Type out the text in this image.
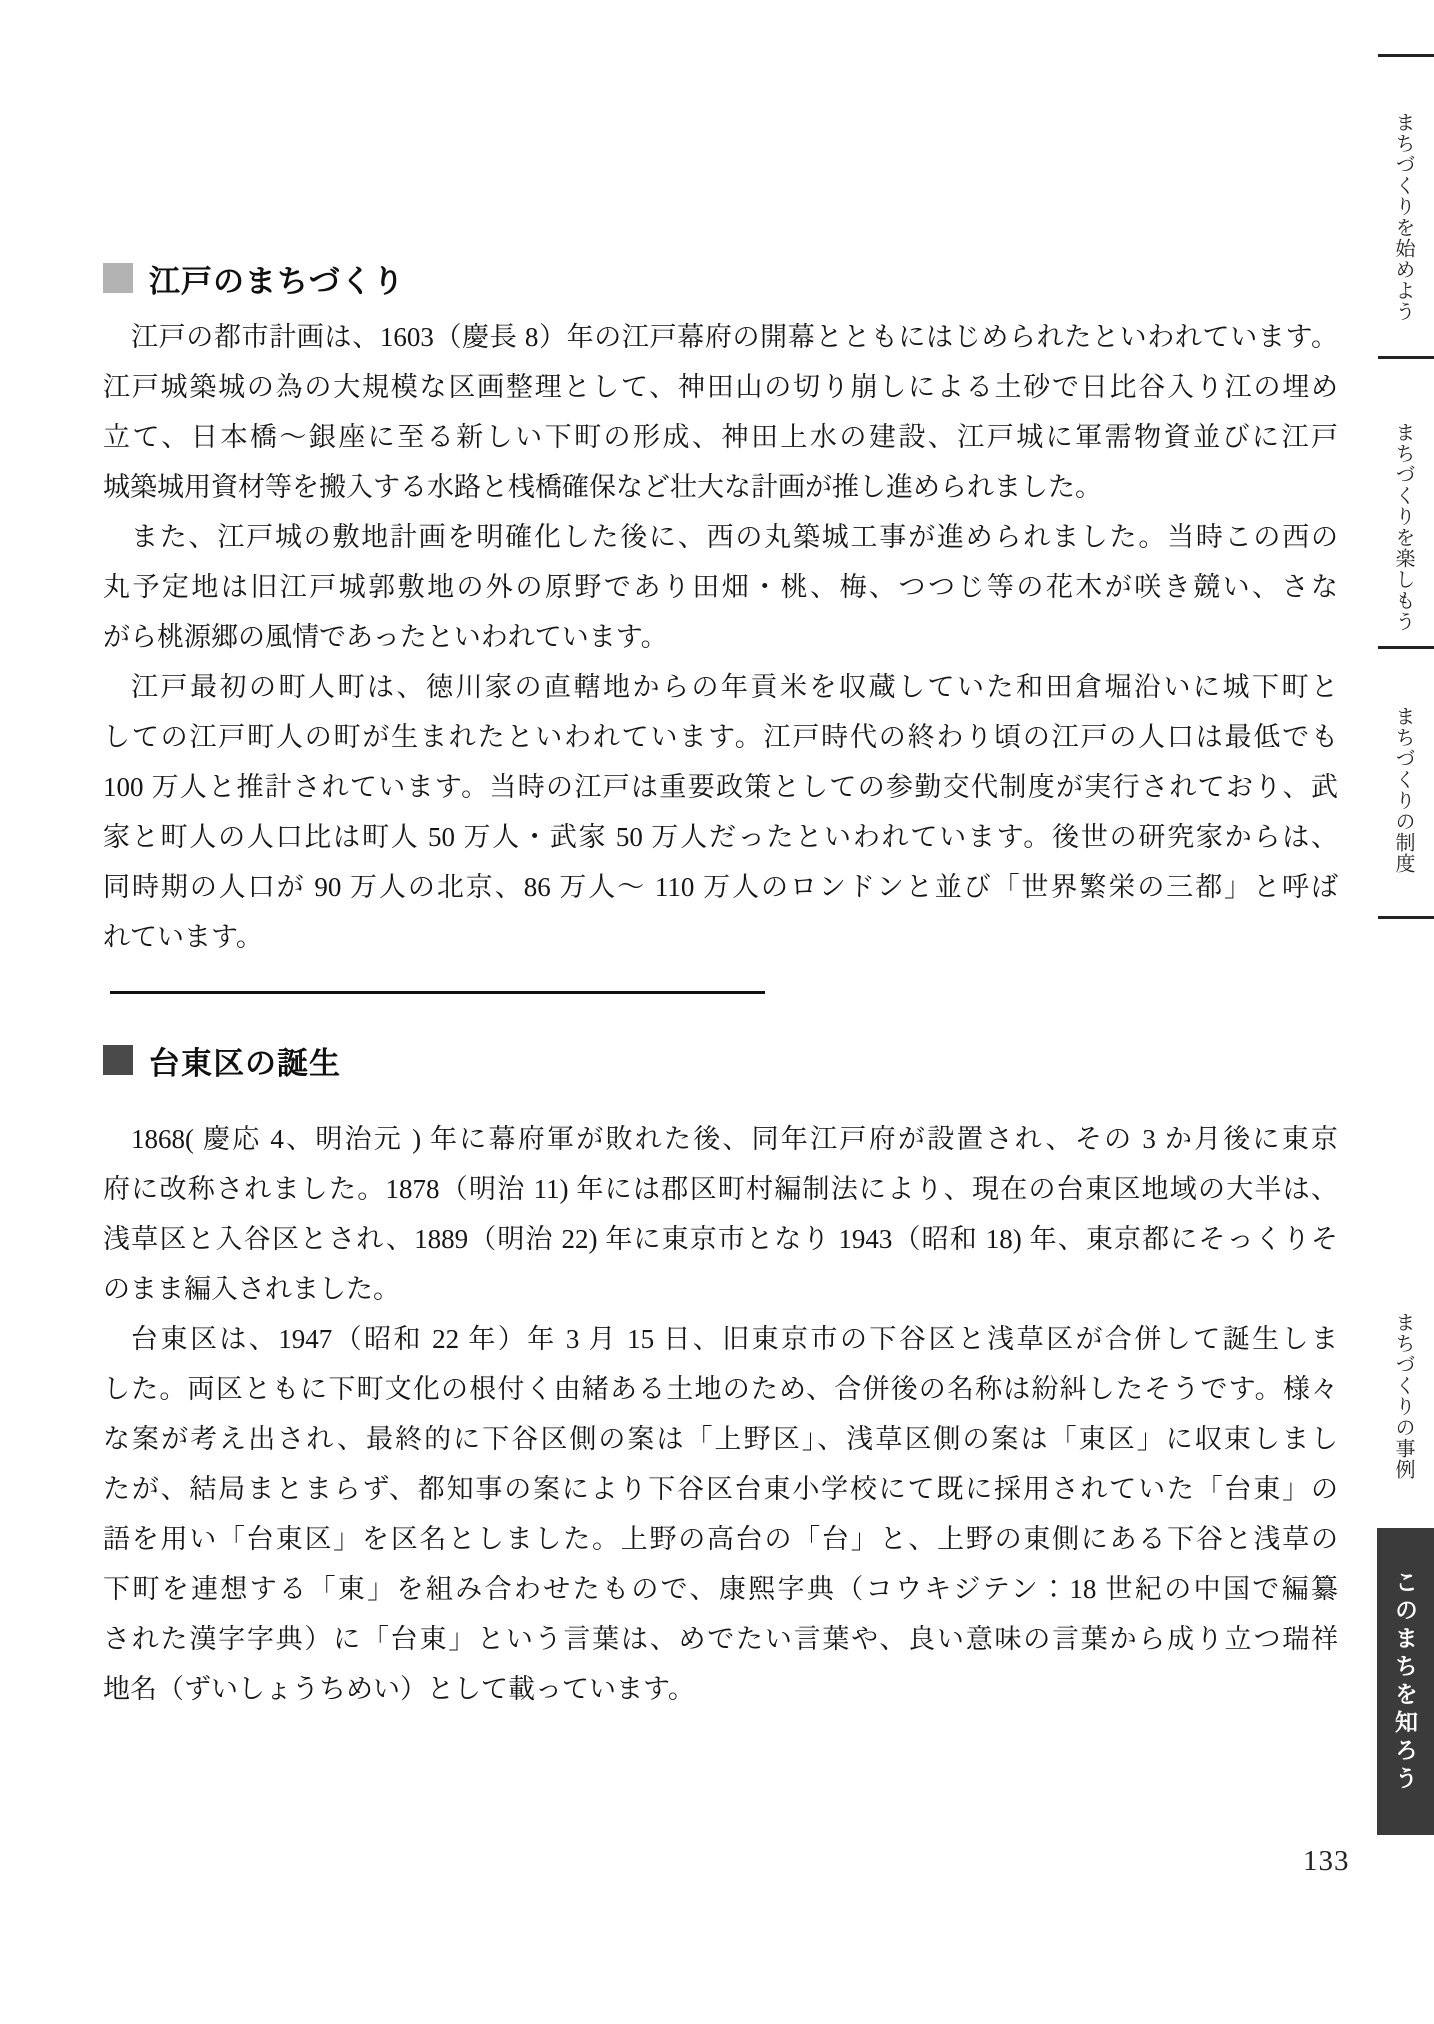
江戸のまちづくり

江戸の都市計画は、1603（慶長 8）年の江戸幕府の開幕とともにはじめられたといわれています。
江戸城築城の為の大規模な区画整理として、神田山の切り崩しによる土砂で日比谷入り江の埋め
立て、日本橋～銀座に至る新しい下町の形成、神田上水の建設、江戸城に軍需物資並びに江戸
城築城用資材等を搬入する水路と桟橋確保など壮大な計画が推し進められました。

また、江戸城の敷地計画を明確化した後に、西の丸築城工事が進められました。当時この西の
丸予定地は旧江戸城郭敷地の外の原野であり田畑・桃、梅、つつじ等の花木が咲き競い、さな
がら桃源郷の風情であったといわれています。

江戸最初の町人町は、徳川家の直轄地からの年貢米を収蔵していた和田倉堀沿いに城下町と
しての江戸町人の町が生まれたといわれています。江戸時代の終わり頃の江戸の人口は最低でも
100 万人と推計されています。当時の江戸は重要政策としての参勤交代制度が実行されており、武
家と町人の人口比は町人 50 万人・武家 50 万人だったといわれています。後世の研究家からは、
同時期の人口が 90 万人の北京、86 万人～ 110 万人のロンドンと並び「世界繁栄の三都」と呼ば
れています。

台東区の誕生

1868( 慶応 4、明治元 ) 年に幕府軍が敗れた後、同年江戸府が設置され、その 3 か月後に東京
府に改称されました。1878（明治 11) 年には郡区町村編制法により、現在の台東区地域の大半は、
浅草区と入谷区とされ、1889（明治 22) 年に東京市となり 1943（昭和 18) 年、東京都にそっくりそ
のまま編入されました。

台東区は、1947（昭和 22 年）年 3 月 15 日、旧東京市の下谷区と浅草区が合併して誕生しま
した。両区ともに下町文化の根付く由緒ある土地のため、合併後の名称は紛糾したそうです。様々
な案が考え出され、最終的に下谷区側の案は「上野区」、浅草区側の案は「東区」に収束しまし
たが、結局まとまらず、都知事の案により下谷区台東小学校にて既に採用されていた「台東」の
語を用い「台東区」を区名としました。上野の高台の「台」と、上野の東側にある下谷と浅草の
下町を連想する「東」を組み合わせたもので、康熙字典（コウキジテン：18 世紀の中国で編纂
された漢字字典）に「台東」という言葉は、めでたい言葉や、良い意味の言葉から成り立つ瑞祥
地名（ずいしょうちめい）として載っています。

まちづくりを始めよう
まちづくりを楽しもう
まちづくりの制度
まちづくりの事例
このまちを知ろう
133
